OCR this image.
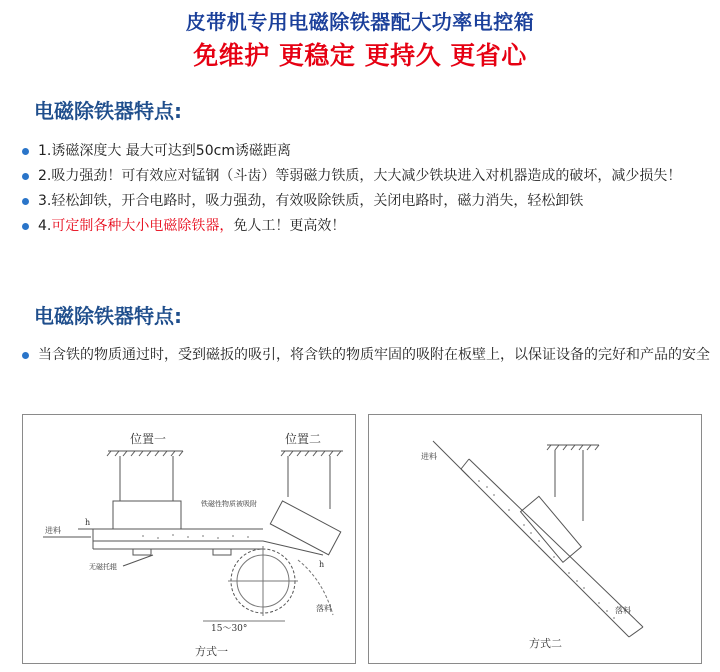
皮带机专用电磁除铁器配大功率电控箱
免维护 更稳定 更持久 更省心
电磁除铁器特点:
1.诱磁深度大 最大可达到50cm诱磁距离
2.吸力强劲！可有效应对锰钢（斗齿）等弱磁力铁质，大大减少铁块进入对机器造成的破坏，减少损失！
3.轻松卸铁，开合电路时，吸力强劲，有效吸除铁质，关闭电路时，磁力消失，轻松卸铁
4.可定制各种大小电磁除铁器，免人工！更高效！
电磁除铁器特点:
当含铁的物质通过时，受到磁扳的吸引，将含铁的物质牢固的吸附在板壁上，以保证设备的完好和产品的安全
位置一	位置二
铁磁性物质被吸附
进料
h
h
无磁托辊
落料
15～30°
方式一
进料
落料
方式二
